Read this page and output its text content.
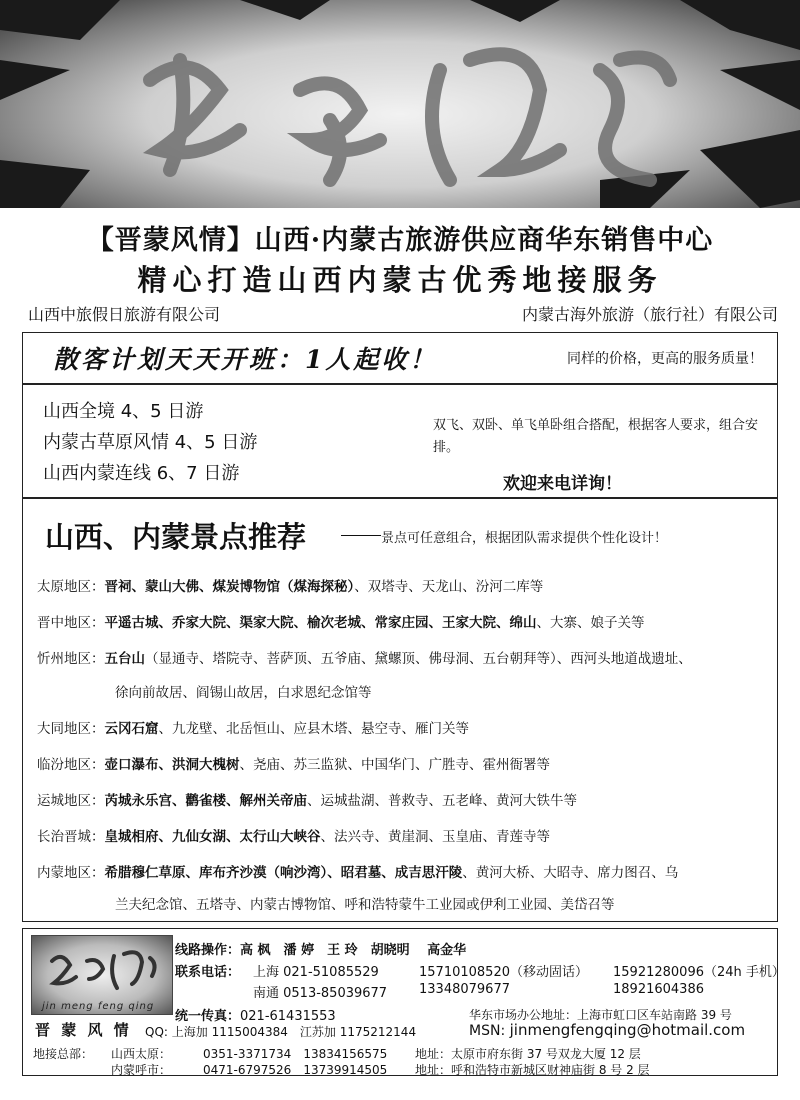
【晋蒙风情】山西·内蒙古旅游供应商华东销售中心
精心打造山西内蒙古优秀地接服务
山西中旅假日旅游有限公司	内蒙古海外旅游（旅行社）有限公司
散客计划天天开班：1人起收！	同样的价格，更高的服务质量！
山西全境 4、5 日游
内蒙古草原风情 4、5 日游
山西内蒙连线 6、7 日游
双飞、双卧、单飞单卧组合搭配，根据客人要求，组合安排。
欢迎来电详询！
山西、内蒙景点推荐	景点可任意组合，根据团队需求提供个性化设计！
太原地区：晋祠、蒙山大佛、煤炭博物馆（煤海探秘）、双塔寺、天龙山、汾河二库等
晋中地区：平遥古城、乔家大院、渠家大院、榆次老城、常家庄园、王家大院、绵山、大寨、娘子关等
忻州地区：五台山（显通寺、塔院寺、菩萨顶、五爷庙、黛螺顶、佛母洞、五台朝拜等）、西河头地道战遗址、
徐向前故居、阎锡山故居，白求恩纪念馆等
大同地区：云冈石窟、九龙壁、北岳恒山、应县木塔、悬空寺、雁门关等
临汾地区：壶口瀑布、洪洞大槐树、尧庙、苏三监狱、中国华门、广胜寺、霍州衙署等
运城地区：芮城永乐宫、鹳雀楼、解州关帝庙、运城盐湖、普救寺、五老峰、黄河大铁牛等
长治晋城：皇城相府、九仙女湖、太行山大峡谷、法兴寺、黄崖洞、玉皇庙、青莲寺等
内蒙地区：希腊穆仁草原、库布齐沙漠（响沙湾）、昭君墓、成吉思汗陵、黄河大桥、大昭寺、席力图召、乌
兰夫纪念馆、五塔寺、内蒙古博物馆、呼和浩特蒙牛工业园或伊利工业园、美岱召等
jin meng feng qing
晋 蒙 风 情
线路操作：高 枫　潘 婷　王 玲　胡晓明　 高金华
联系电话： 上海 021-51085529	15710108520（移动固话） 15921280096（24h 手机）
南通 0513-85039677 13348079677	18921604386
统一传真：021-61431553	华东市场办公地址：上海市虹口区车站南路 39 号
QQ: 上海加 1115004384　江苏加 1175212144	MSN: jinmengfengqing@hotmail.com
地接总部： 山西太原：	0351-3371734　13834156575 地址：太原市府东街 37 号双龙大厦 12 层
内蒙呼市：	0471-6797526　13739914505 地址：呼和浩特市新城区财神庙街 8 号 2 层
